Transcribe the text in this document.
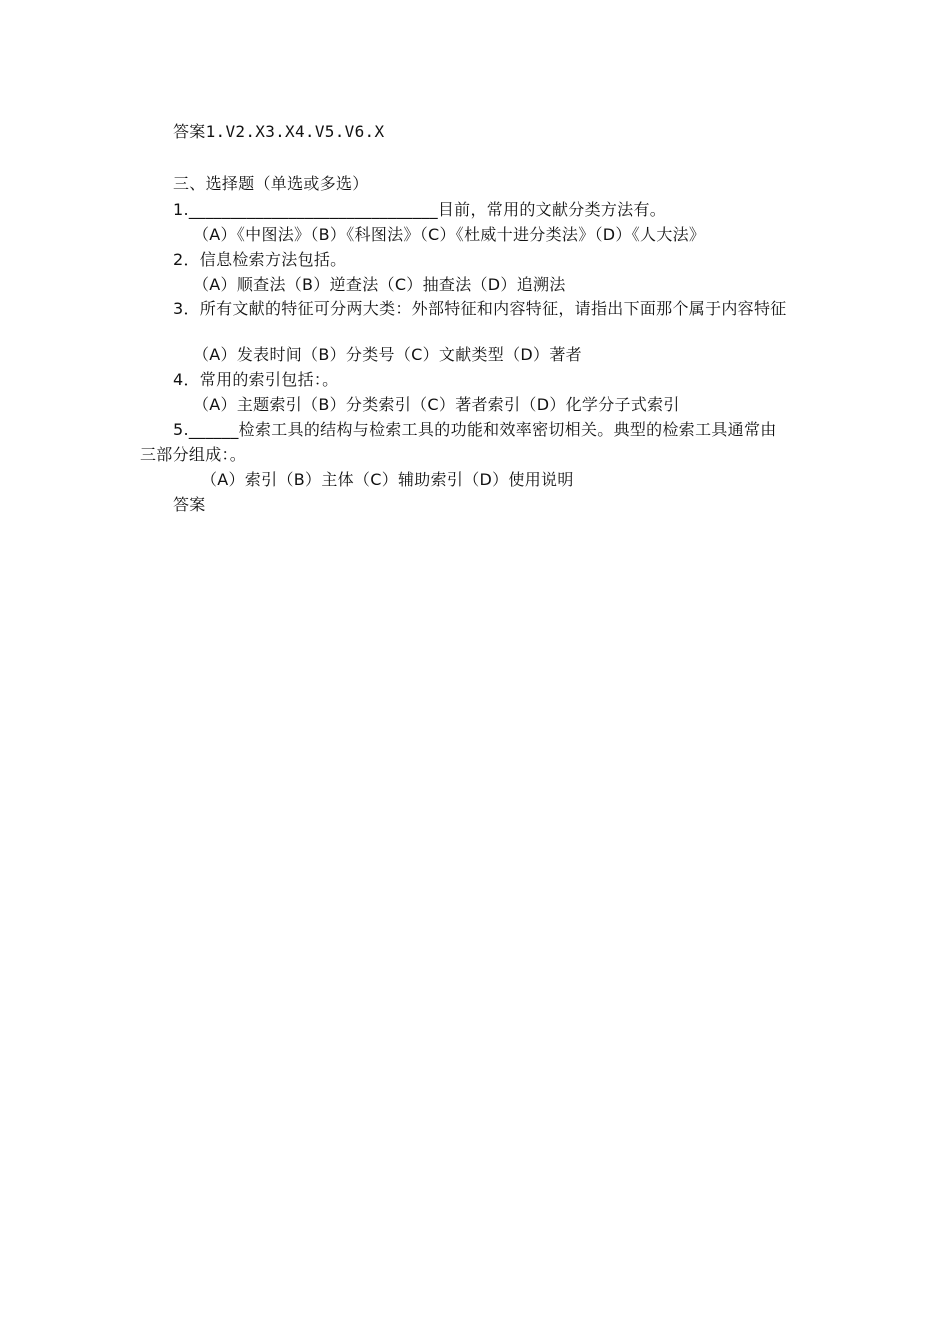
答案1.V2.X3.X4.V5.V6.X
三、选择题（单选或多选）
1.______________________________目前，常用的文献分类方法有。
（A）《中图法》（B）《科图法》（C）《杜威十进分类法》（D）《人大法》
2．信息检索方法包括。
（A）顺查法（B）逆查法（C）抽查法（D）追溯法
3．所有文献的特征可分两大类：外部特征和内容特征，请指出下面那个属于内容特征
（A）发表时间（B）分类号（C）文献类型（D）著者
4．常用的索引包括：。
（A）主题索引（B）分类索引（C）著者索引（D）化学分子式索引
5.______检索工具的结构与检索工具的功能和效率密切相关。典型的检索工具通常由
三部分组成：。
（A）索引（B）主体（C）辅助索引（D）使用说明
答案
